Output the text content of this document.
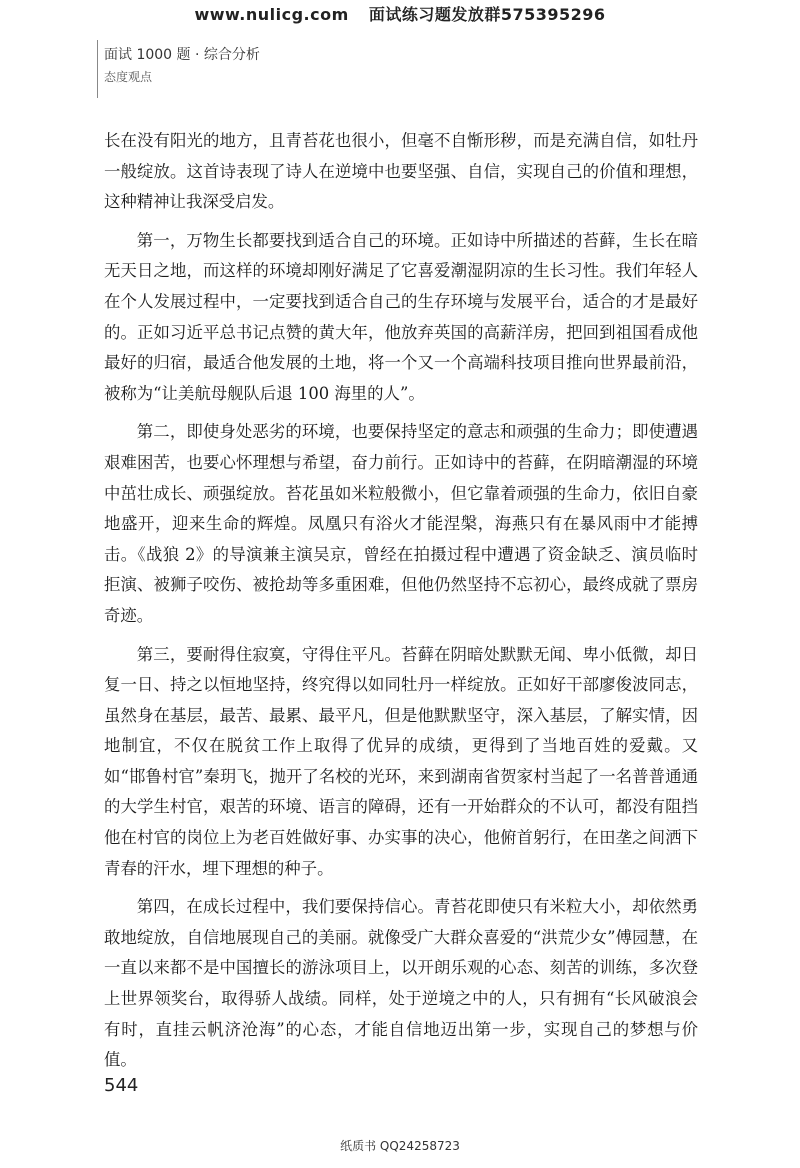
www.nulicg.com 面试练习题发放群575395296
面试 1000 题 · 综合分析
态度观点

长在没有阳光的地方，且青苔花也很小，但毫不自惭形秽，而是充满自信，如牡丹一般绽放。这首诗表现了诗人在逆境中也要坚强、自信，实现自己的价值和理想，这种精神让我深受启发。

第一，万物生长都要找到适合自己的环境。正如诗中所描述的苔藓，生长在暗无天日之地，而这样的环境却刚好满足了它喜爱潮湿阴凉的生长习性。我们年轻人在个人发展过程中，一定要找到适合自己的生存环境与发展平台，适合的才是最好的。正如习近平总书记点赞的黄大年，他放弃英国的高薪洋房，把回到祖国看成他最好的归宿，最适合他发展的土地，将一个又一个高端科技项目推向世界最前沿，被称为“让美航母舰队后退 100 海里的人”。

第二，即使身处恶劣的环境，也要保持坚定的意志和顽强的生命力；即使遭遇艰难困苦，也要心怀理想与希望，奋力前行。正如诗中的苔藓，在阴暗潮湿的环境中茁壮成长、顽强绽放。苔花虽如米粒般微小，但它靠着顽强的生命力，依旧自豪地盛开，迎来生命的辉煌。凤凰只有浴火才能涅槃，海燕只有在暴风雨中才能搏击。《战狼 2》的导演兼主演吴京，曾经在拍摄过程中遭遇了资金缺乏、演员临时拒演、被狮子咬伤、被抢劫等多重困难，但他仍然坚持不忘初心，最终成就了票房奇迹。

第三，要耐得住寂寞，守得住平凡。苔藓在阴暗处默默无闻、卑小低微，却日复一日、持之以恒地坚持，终究得以如同牡丹一样绽放。正如好干部廖俊波同志，虽然身在基层，最苦、最累、最平凡，但是他默默坚守，深入基层，了解实情，因地制宜，不仅在脱贫工作上取得了优异的成绩，更得到了当地百姓的爱戴。又如“邯鲁村官”秦玥飞，抛开了名校的光环，来到湖南省贺家村当起了一名普普通通的大学生村官，艰苦的环境、语言的障碍，还有一开始群众的不认可，都没有阻挡他在村官的岗位上为老百姓做好事、办实事的决心，他俯首躬行，在田垄之间洒下青春的汗水，埋下理想的种子。

第四，在成长过程中，我们要保持信心。青苔花即使只有米粒大小，却依然勇敢地绽放，自信地展现自己的美丽。就像受广大群众喜爱的“洪荒少女”傅园慧，在一直以来都不是中国擅长的游泳项目上，以开朗乐观的心态、刻苦的训练，多次登上世界领奖台，取得骄人战绩。同样，处于逆境之中的人，只有拥有“长风破浪会有时，直挂云帆济沧海”的心态，才能自信地迈出第一步，实现自己的梦想与价值。

544
纸质书 QQ24258723
